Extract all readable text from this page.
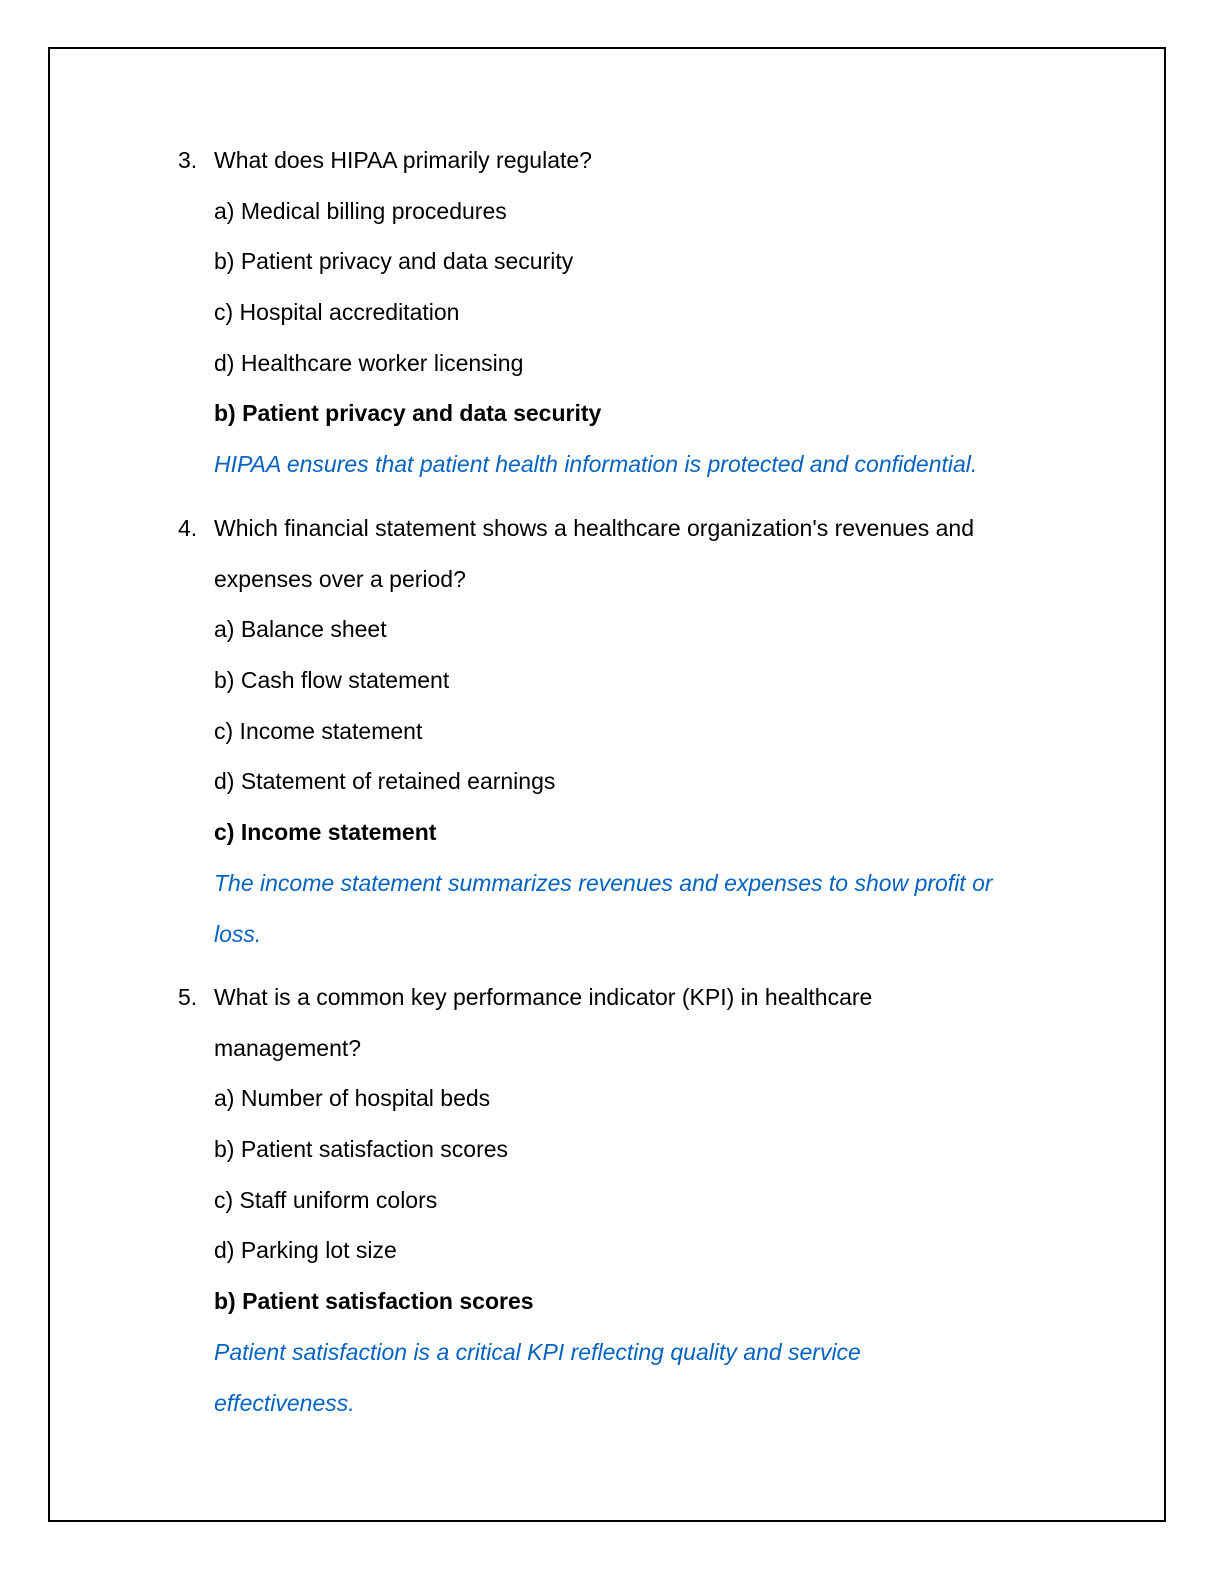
3. What does HIPAA primarily regulate?
a) Medical billing procedures
b) Patient privacy and data security
c) Hospital accreditation
d) Healthcare worker licensing
b) Patient privacy and data security
HIPAA ensures that patient health information is protected and confidential.
4. Which financial statement shows a healthcare organization's revenues and
expenses over a period?
a) Balance sheet
b) Cash flow statement
c) Income statement
d) Statement of retained earnings
c) Income statement
The income statement summarizes revenues and expenses to show profit or
loss.
5. What is a common key performance indicator (KPI) in healthcare
management?
a) Number of hospital beds
b) Patient satisfaction scores
c) Staff uniform colors
d) Parking lot size
b) Patient satisfaction scores
Patient satisfaction is a critical KPI reflecting quality and service
effectiveness.
